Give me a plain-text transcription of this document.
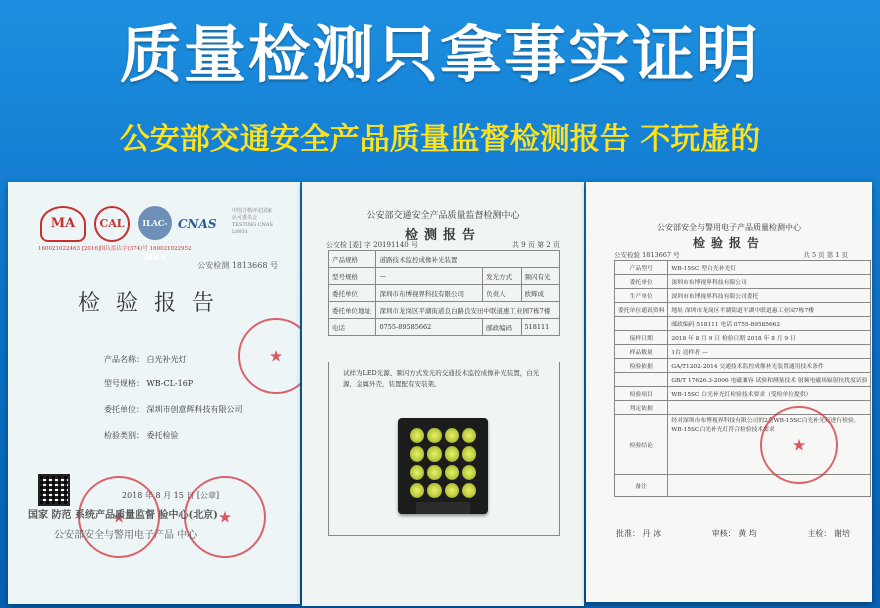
质量检测只拿事实证明
公安部交通安全产品质量监督检测报告 不玩虚的
MA	CAL	ILAC-MRA
CNAS
中国合格评定国家认可委员会 TESTING CNAS L0931
160021022463 [2016]国认监认字(374)号 160021022952
公安检测 1813668 号
检验报告
产品名称： 白光补光灯
型号规格： WB-CL-16P
委托单位： 深圳市创意辉科技有限公司
检验类别： 委托检验
★
2018 年 8 月 15 日 [公章]
★
★
国家 防范 系统产品质量监督 验中心(北京)
公安部安全与警用电子产品 中心
公安部交通安全产品质量监督检测中心
检测报告
公交检 [委] 字 20191140 号	共 9 页 第 2 页
产品规格	道路技术监控成像补光装置		
型号规格	—	发光方式	频闪有光
委托单位	深圳市布博视界科技有限公司	负责人	欧辉成
委托单位地址	深圳市龙岗区平湖街道良白路良安田中联道惠工业园7栋7楼		
电话	0755-89585662	邮政编码	518111
试样为LED光源、频闪方式发光的交通技术监控成像补光装置，白光源，金属外壳，装置配有安装架。
公安部安全与警用电子产品质量检测中心
检验报告
公安检验 1813667 号	共 5 页 第 1 页
产品型号	WB-15SC 型白光补光灯
委托单位	深圳市布博视界科技有限公司
生产单位	深圳市布博视界科技有限公司委托
委托单位通讯资料	地址 深圳市龙岗区平湖街道平湖中联道惠工业园7栋7楼
	邮政编码 518111 电话 0755-89585662
接样日期	2018 年 8 月 9 日 检验日期 2018 年 8 月 9 日
样品数量	1台 送样者 —
检验依据	GA/T1202-2014 交通技术监控成像补光装置通用技术条件
	GB/T 17626.3-2006 电磁兼容 试验和测量技术 射频电磁场辐射抗扰度试验
检验项目	WB-15SC 白光补光灯检验技术要求（受检单位提供）
判定依据	
检验结论	经对深圳市布博视界科技有限公司的2套WB-15SC白光补光灯进行检验，WB-15SC白光补光灯符合检验技术要求
备注	
★
批准： 丹 冰	审核： 黄 均	主检： 谢培
